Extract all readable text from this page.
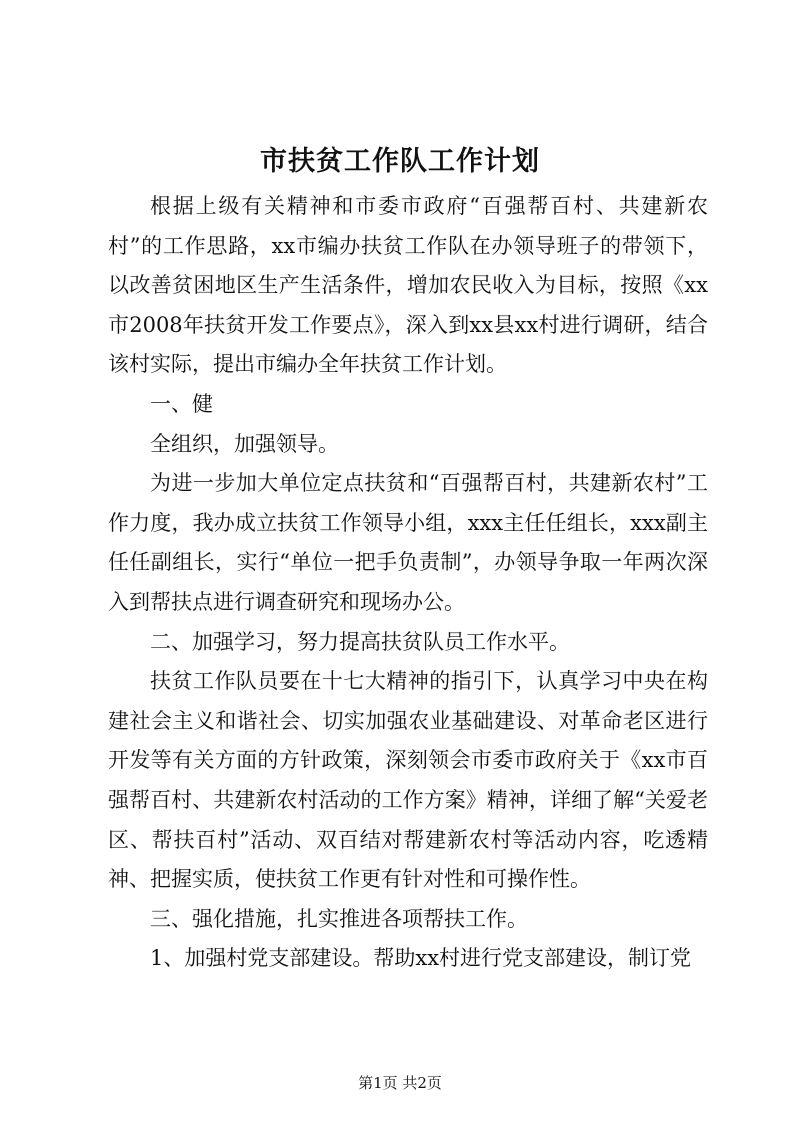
市扶贫工作队工作计划

根据上级有关精神和市委市政府“百强帮百村、共建新农村”的工作思路，xx市编办扶贫工作队在办领导班子的带领下，以改善贫困地区生产生活条件，增加农民收入为目标，按照《xx市2008年扶贫开发工作要点》，深入到xx县xx村进行调研，结合该村实际，提出市编办全年扶贫工作计划。

一、健

全组织，加强领导。

为进一步加大单位定点扶贫和“百强帮百村，共建新农村”工作力度，我办成立扶贫工作领导小组，xxx主任任组长，xxx副主任任副组长，实行“单位一把手负责制”，办领导争取一年两次深入到帮扶点进行调查研究和现场办公。

二、加强学习，努力提高扶贫队员工作水平。

扶贫工作队员要在十七大精神的指引下，认真学习中央在构建社会主义和谐社会、切实加强农业基础建设、对革命老区进行开发等有关方面的方针政策，深刻领会市委市政府关于《xx市百强帮百村、共建新农村活动的工作方案》精神，详细了解“关爱老区、帮扶百村”活动、双百结对帮建新农村等活动内容，吃透精神、把握实质，使扶贫工作更有针对性和可操作性。

三、强化措施，扎实推进各项帮扶工作。

1、加强村党支部建设。帮助xx村进行党支部建设，制订党

第1页 共2页
